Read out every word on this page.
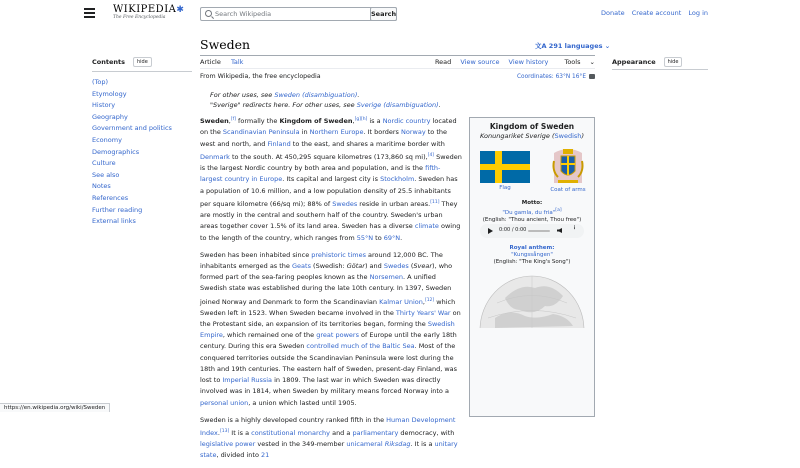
WIKIPEDIA✱
The Free Encyclopedia
Search Wikipedia	Search	Donate Create account Log in
Contents	hide
(Top)
Etymology
History
Geography
Government and politics
Economy
Demographics
Culture
See also
Notes
References
Further reading
External links
Sweden	文A 291 languages ⌄
Article Talk	Read View source View history Tools ⌄
From Wikipedia, the free encyclopedia	Coordinates: 63°N 16°E
Appearance	hide
For other uses, see Sweden (disambiguation).
"Sverige" redirects here. For other uses, see Sverige (disambiguation).

Sweden,[f] formally the Kingdom of Sweden,[g][h] is a Nordic country located on the Scandinavian Peninsula in Northern Europe. It borders Norway to the west and north, and Finland to the east, and shares a maritime border with Denmark to the south. At 450,295 square kilometres (173,860 sq mi),[4] Sweden is the largest Nordic country by both area and population, and is the fifth-largest country in Europe. Its capital and largest city is Stockholm. Sweden has a population of 10.6 million, and a low population density of 25.5 inhabitants per square kilometre (66/sq mi); 88% of Swedes reside in urban areas.[11] They are mostly in the central and southern half of the country. Sweden's urban areas together cover 1.5% of its land area. Sweden has a diverse climate owing to the length of the country, which ranges from 55°N to 69°N.

Sweden has been inhabited since prehistoric times around 12,000 BC. The inhabitants emerged as the Geats (Swedish: Götar) and Swedes (Svear), who formed part of the sea-faring peoples known as the Norsemen. A unified Swedish state was established during the late 10th century. In 1397, Sweden joined Norway and Denmark to form the Scandinavian Kalmar Union,[12] which Sweden left in 1523. When Sweden became involved in the Thirty Years' War on the Protestant side, an expansion of its territories began, forming the Swedish Empire, which remained one of the great powers of Europe until the early 18th century. During this era Sweden controlled much of the Baltic Sea. Most of the conquered territories outside the Scandinavian Peninsula were lost during the 18th and 19th centuries. The eastern half of Sweden, present-day Finland, was lost to Imperial Russia in 1809. The last war in which Sweden was directly involved was in 1814, when Sweden by military means forced Norway into a personal union, a union which lasted until 1905.

Sweden is a highly developed country ranked fifth in the Human Development Index.[13] It is a constitutional monarchy and a parliamentary democracy, with legislative power vested in the 349-member unicameral Riksdag. It is a unitary state, divided into 21

Kingdom of Sweden
Konungariket Sverige (Swedish)
Flag	Coat of arms
Motto:
"Du gamla, du fria"[a]
(English: "Thou ancient, Thou free")
0:00 / 0:00	⋮
Royal anthem:
"Kungssången"
(English: "The King's Song")
https://en.wikipedia.org/wiki/Sweden
